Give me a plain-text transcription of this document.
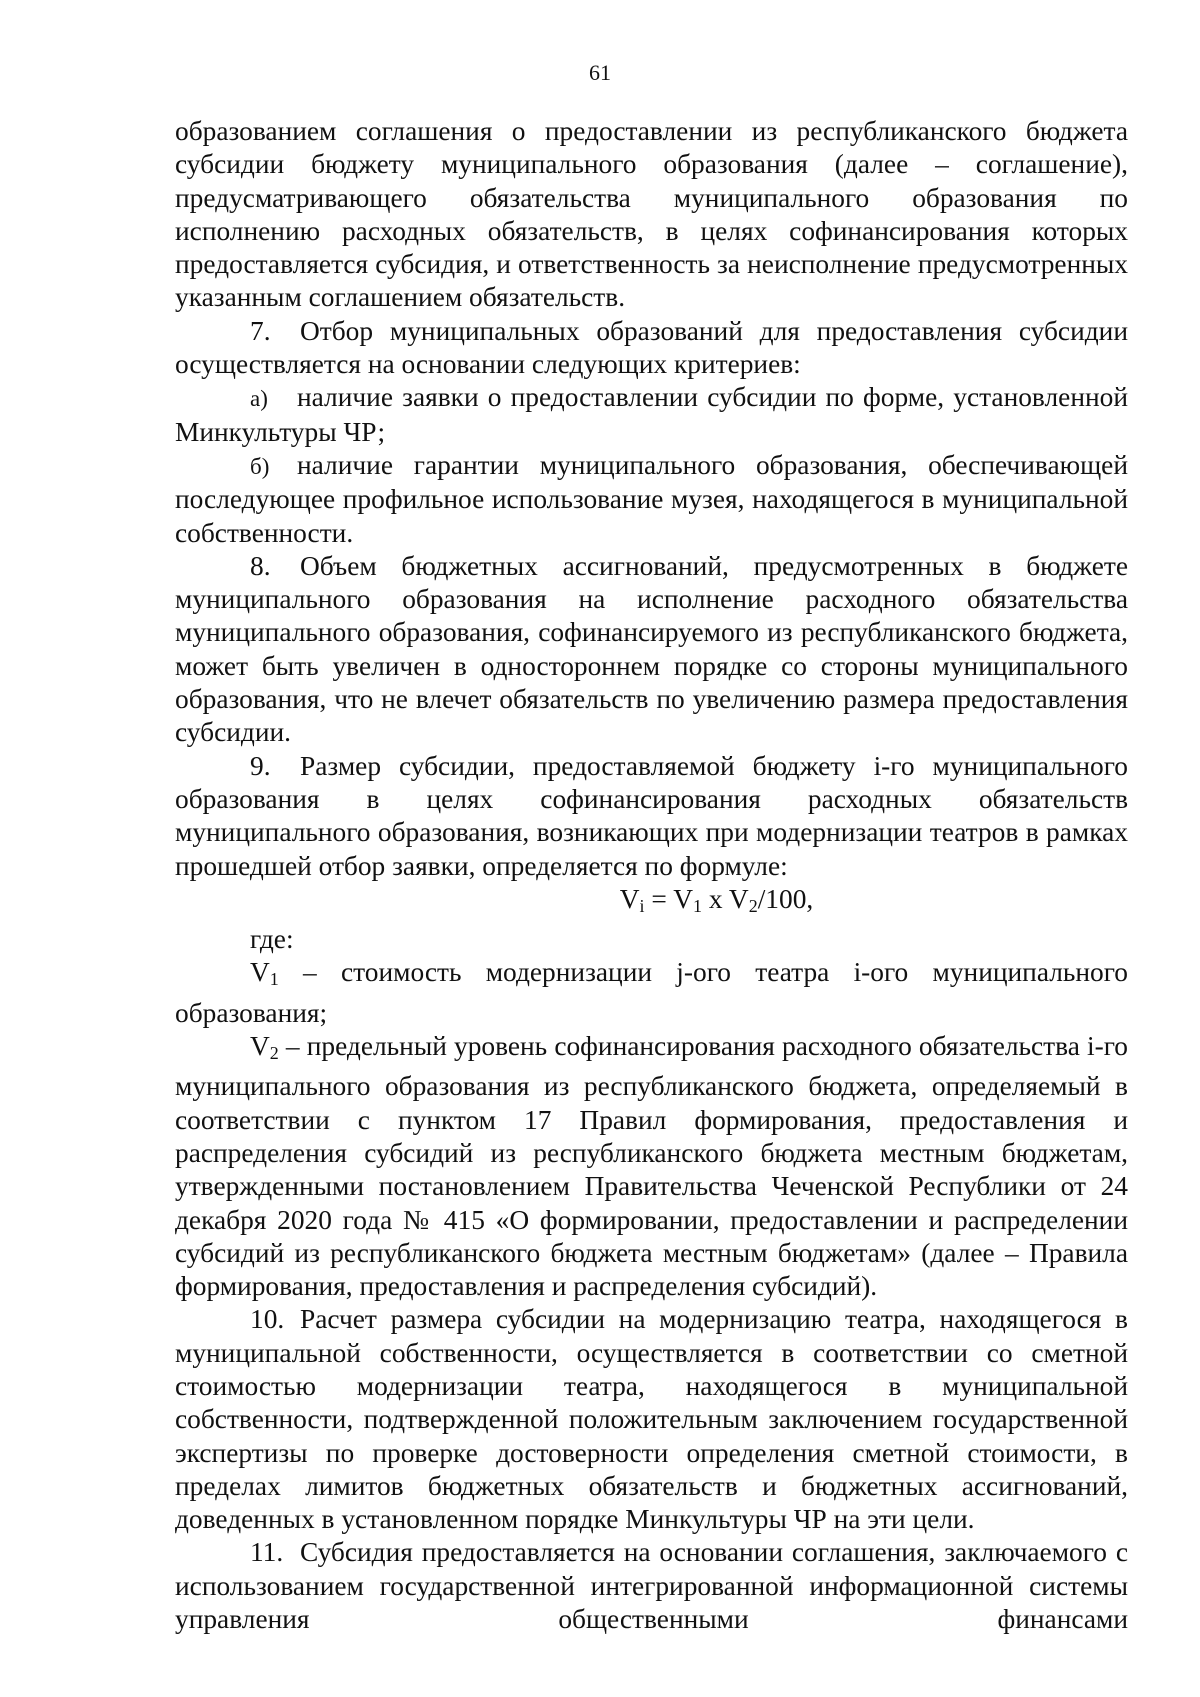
61

образованием соглашения о предоставлении из республиканского бюджета субсидии бюджету муниципального образования (далее – соглашение), предусматривающего обязательства муниципального образования по исполнению расходных обязательств, в целях софинансирования которых предоставляется субсидия, и ответственность за неисполнение предусмотренных указанным соглашением обязательств.

7. Отбор муниципальных образований для предоставления субсидии осуществляется на основании следующих критериев:

а) наличие заявки о предоставлении субсидии по форме, установленной Минкультуры ЧР;

б) наличие гарантии муниципального образования, обеспечивающей последующее профильное использование музея, находящегося в муниципальной собственности.

8. Объем бюджетных ассигнований, предусмотренных в бюджете муниципального образования на исполнение расходного обязательства муниципального образования, софинансируемого из республиканского бюджета, может быть увеличен в одностороннем порядке со стороны муниципального образования, что не влечет обязательств по увеличению размера предоставления субсидии.

9. Размер субсидии, предоставляемой бюджету i-го муниципального образования в целях софинансирования расходных обязательств муниципального образования, возникающих при модернизации театров в рамках прошедшей отбор заявки, определяется по формуле:

$V_i = V_1$ x $V_2/100$,

где:

$V_1$ – стоимость модернизации j-ого театра i-ого муниципального образования;

$V_2$ – предельный уровень софинансирования расходного обязательства i-го муниципального образования из республиканского бюджета, определяемый в соответствии с пунктом 17 Правил формирования, предоставления и распределения субсидий из республиканского бюджета местным бюджетам, утвержденными постановлением Правительства Чеченской Республики от 24 декабря 2020 года № 415 «О формировании, предоставлении и распределении субсидий из республиканского бюджета местным бюджетам» (далее – Правила формирования, предоставления и распределения субсидий).

10. Расчет размера субсидии на модернизацию театра, находящегося в муниципальной собственности, осуществляется в соответствии со сметной стоимостью модернизации театра, находящегося в муниципальной собственности, подтвержденной положительным заключением государственной экспертизы по проверке достоверности определения сметной стоимости, в пределах лимитов бюджетных обязательств и бюджетных ассигнований, доведенных в установленном порядке Минкультуры ЧР на эти цели.

11. Субсидия предоставляется на основании соглашения, заключаемого с использованием государственной интегрированной информационной системы управления общественными финансами
